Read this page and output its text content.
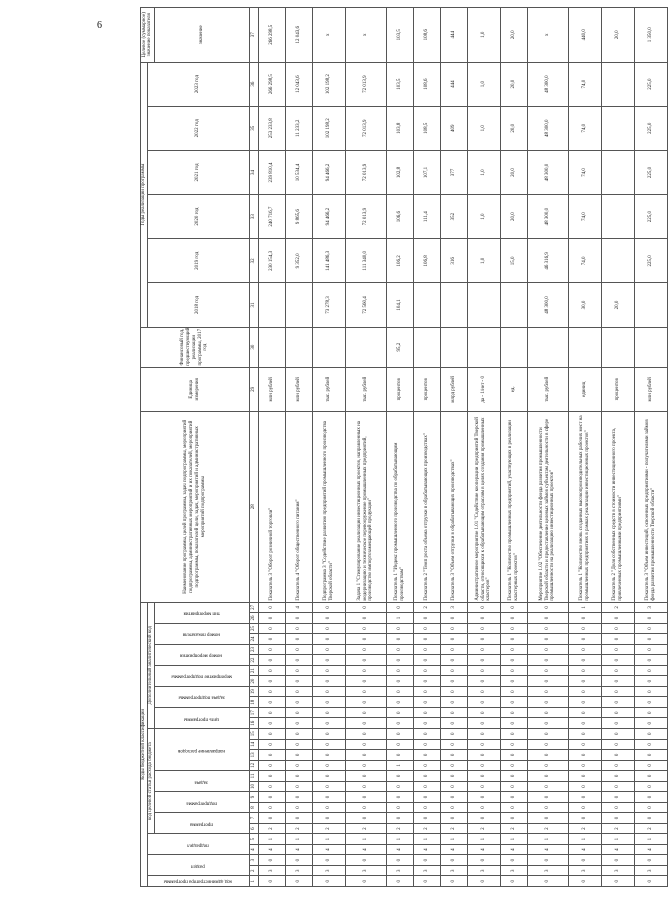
6
Коды бюджетной классификации																											Наименование программы, целей программы, задач подпрограммы, мероприятий подпрограммы, административных мероприятий и их показателей, мероприятий подпрограммы, показателей цели, задач, мероприятий и административных мероприятий подпрограммы	Единица измерения	Финансовый год, предшествующий реализации программы, 2017 год	Годы реализации программы						Целевое (суммарное) значение показателя
код администратора программы	раздел		подраздел		код целевой статьи расхода бюджета										Дополнительный аналитический код															2018 год	2019 год	2020 год	2021 год	2022 год	2023 год	
					программа		подпрограмма		задача		направление расходов				цель программы		задача подпрограммы		мероприятие подпрограммы		номер мероприятия		номер показателя		тип мероприятия											значение
1	2	3	4	5	6	7	8	9	10	11	12	13	14	15	16	17	18	19	20	21	22	23	24	25	26	27	28	29	30	31	32	33	34	35	36	37
0	3	0	4	1	2	0	0	0	0	0	0	0	0	0	0	0	0	0	0	0	0	0	0	0	0	0	Показатель 3 "Оборот розничной торговли"	млн рублей			230 154,3	240 716,7	239 810,4	253 233,8	266 298,5	266 298,5
0	3	0	4	1	2	0	0	0	0	0	0	0	0	0	0	0	0	0	0	0	0	0	0	0	0	4	Показатель 4 "Оборот общественного питания"	млн рублей			9 352,0	9 865,6	10 534,4	11 233,2	12 043,6	12 043,6
0	3	0	4	1	2	0	0	0	0	0	0	0	0	0	0	0	0	0	0	0	0	0	0	0	0	0	Подпрограмма 3 "Содействие развитию предприятий промышленного производства Тверской области"	тыс. рублей		73 278,3	141 486,3	94 466,2	94 466,2	102 198,2	102 198,2	x
0	3	0	4	1	2	0	0	0	0	0	0	0	0	0	0	0	0	0	0	0	0	0	0	0	0	0	Задача 1 "Стимулирование реализации инвестиционных проектов, направленных на модернизацию и техническое перевооружение промышленных предприятий, производство импортозамещающей продукции"	тыс. рублей		72 560,4	111 340,0	72 013,9	72 013,9	72 013,9	72 013,9	x
0	3	0	4	1	2	0	0	0	0	0	1	0	0	0	0	0	0	0	0	0	0	0	0	0	1	0	Показатель 1 "Индекс промышленного производства по обрабатывающим производствам"	процентов	95,2	104,1	106,2	106,6	102,8	103,8	103,5	103,5
0	3	0	4	1	2	0	0	0	0	0	0	0	0	0	0	0	0	0	0	0	0	0	0	0	0	2	Показатель 2 "Темп роста объема отгрузки в обрабатывающих производствах"	процентов			106,8	111,4	107,1	108,5	108,6	108,6
0	3	0	4	1	2	0	0	0	0	0	0	0	0	0	0	0	0	0	0	0	0	0	0	0	0	3	Показатель 3 "Объем отгрузки в обрабатывающих производствах"	млрд рублей			316	352	377	409	444	444
0	3	0	4	1	2	0	0	0	0	0	0	0	0	0	0	0	0	0	0	0	0	0	0	0	0	0	Административное мероприятие 1.01 "Содействие кооперации предприятий Тверской области, относящихся к обрабатывающим отраслям в целях создания промышленных кластеров"	да - 1/нет - 0			1,0	1,0	1,0	1,0	1,0	1,0
0	3	0	4	1	2	0	0	0	0	0	0	0	0	0	0	0	0	0	0	0	0	0	0	0	0	0	Показатель 1 "Количество промышленных предприятий, участвующих в реализации кластерных проектов"	ед.			15,0	20,0	20,0	20,0	20,0	20,0
0	3	0	4	1	2	0	0	0	0	0	0	0	0	0	0	0	0	0	0	0	0	0	0	0	0	0	Мероприятие 1.02 "Обеспечение деятельности фонда развития промышленности Тверской области и предоставление целевых займов субъектам деятельности в сфере промышленности на реализацию инвестиционных проектов"	тыс. рублей		48 300,0	46 316,9	48 300,0	48 300,0	48 300,0	48 300,0	x
0	3	0	4	1	2	0	0	0	0	0	0	0	0	0	0	0	0	0	0	0	0	0	0	0	0	1	Показатель 1 "Количество вновь созданных высокопроизводительных рабочих мест на промышленных предприятиях в рамках реализации инвестиционных проектов"	единиц		30,0	74,0	74,0	74,0	74,0	74,0	440,0
0	3	0	4	1	2	0	0	0	0	0	0	0	0	0	0	0	0	0	0	0	0	0	0	0	0	2	Показатель 2 "Доля собственных средств в стоимости инвестиционного проекта, привлеченных промышленными предприятиями"	процентов		20,0						20,0
0	3	0	4	1	2	0	0	0	0	0	0	0	0	0	0	0	0	0	0	0	0	0	0	0	0	3	Показатель 3 "Объем инвестиций, освоенных предприятиями - получателями займов фонда развития промышленности Тверской области"	млн рублей			225,0	225,0	225,0	225,0	225,0	1 350,0
